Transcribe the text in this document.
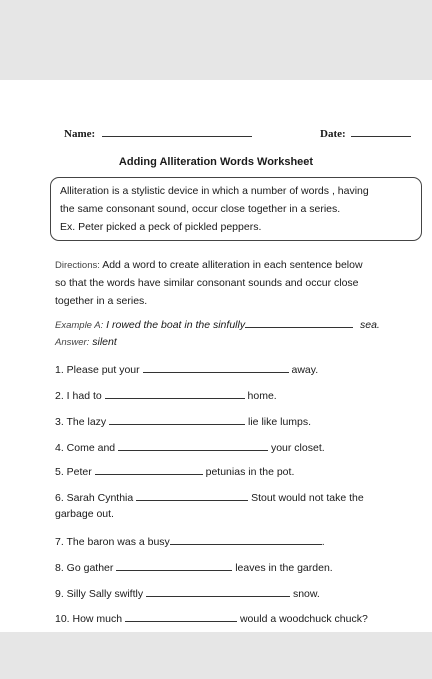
Name:	Date:
Adding Alliteration Words Worksheet
Alliteration is a stylistic device in which a number of words , having
the same consonant sound, occur close together in a series.
Ex. Peter picked a peck of pickled peppers.
Directions: Add a word to create alliteration in each sentence below
so that the words have similar consonant sounds and occur close
together in a series.
Example A: I rowed the boat in the sinfully	sea.
Answer: silent
1. Please put your	away.
2. I had to	home.
3. The lazy	lie like lumps.
4. Come and	your closet.
5. Peter	petunias in the pot.
6. Sarah Cynthia	Stout would not take the
garbage out.
7. The baron was a busy	.
8. Go gather	leaves in the garden.
9. Silly Sally swiftly	snow.
10. How much	would a woodchuck chuck?
